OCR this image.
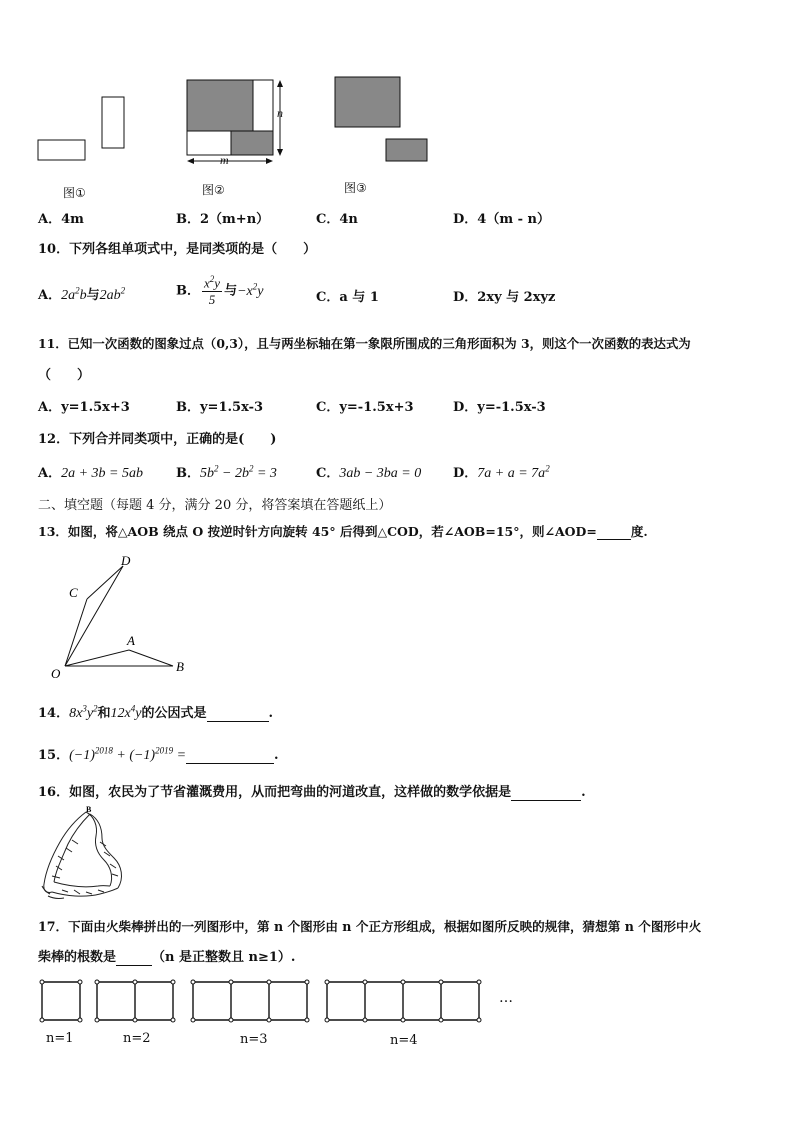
n
m
图①	图②	图③
A．4m	B．2（m+n）	C．4n	D．4（m - n）
10．下列各组单项式中，是同类项的是（　　）
A．$2a^2b$与$2ab^2$	B． $\frac{x^2y}{5}$ 与$-x^2y$	C．a 与 1	D．2xy 与 2xyz
11．已知一次函数的图象过点（0,3），且与两坐标轴在第一象限所围成的三角形面积为 3，则这个一次函数的表达式为
（　　）
A．y=1.5x+3	B．y=1.5x-3	C．y=-1.5x+3	D．y=-1.5x-3
12．下列合并同类项中，正确的是(　　)
A．2a + 3b = 5ab	B．$5b^2 - 2b^2 = 3$	C．3ab − 3ba = 0 D．$7a + a = 7a^2$
二、填空题（每题 4 分，满分 20 分，将答案填在答题纸上）
13．如图，将△AOB 绕点 O 按逆时针方向旋转 45° 后得到△COD，若∠AOB=15°，则∠AOD=	度.
C
D
A
O	B
14．$8x^3y^2$和$12x^4y$的公因式是	.
15．$(-1)^{2018} + (-1)^{2019}$ =	.
16．如图，农民为了节省灌溉费用，从而把弯曲的河道改直，这样做的数学依据是	.
B
17．下面由火柴棒拼出的一列图形中，第 n 个图形由 n 个正方形组成，根据如图所反映的规律，猜想第 n 个图形中火
柴棒的根数是	（n 是正整数且 n≥1）.
n=1	n=2	n=3	n=4
…
